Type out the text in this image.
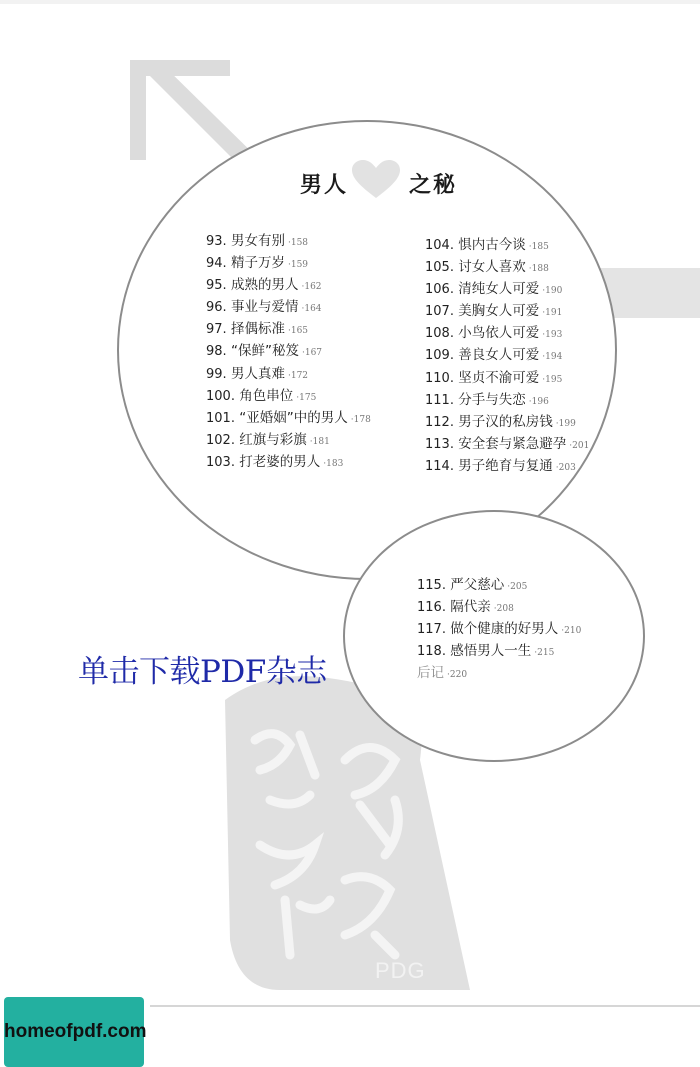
PDG
男人	之秘
93. 男女有别 ·158
94. 精子万岁 ·159
95. 成熟的男人 ·162
96. 事业与爱情 ·164
97. 择偶标准 ·165
98. “保鲜”秘笈 ·167
99. 男人真难 ·172
100. 角色串位 ·175
101. “亚婚姻”中的男人 ·178
102. 红旗与彩旗 ·181
103. 打老婆的男人 ·183
104. 惧内古今谈 ·185
105. 讨女人喜欢 ·188
106. 清纯女人可爱 ·190
107. 美胸女人可爱 ·191
108. 小鸟依人可爱 ·193
109. 善良女人可爱 ·194
110. 坚贞不渝可爱 ·195
111. 分手与失恋 ·196
112. 男子汉的私房钱 ·199
113. 安全套与紧急避孕 ·201
114. 男子绝育与复通 ·203
115. 严父慈心 ·205
116. 隔代亲 ·208
117. 做个健康的好男人 ·210
118. 感悟男人一生 ·215
后记 ·220
单击下载PDF杂志
homeofpdf.com
